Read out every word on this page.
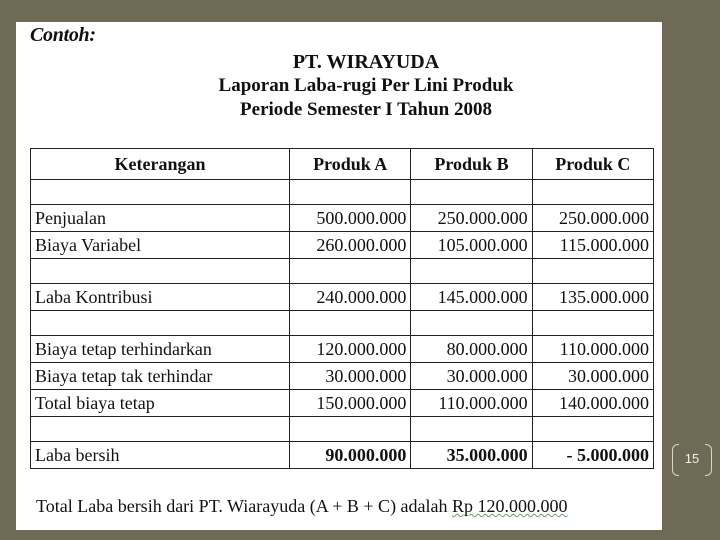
Contoh:
PT. WIRAYUDA
Laporan Laba-rugi Per Lini Produk
Periode Semester I Tahun 2008
Keterangan	Produk A	Produk B	Produk C

Penjualan	500.000.000	250.000.000	250.000.000
Biaya Variabel	260.000.000	105.000.000	115.000.000

Laba Kontribusi	240.000.000	145.000.000	135.000.000

Biaya tetap terhindarkan	120.000.000	80.000.000	110.000.000
Biaya tetap tak terhindar	30.000.000	30.000.000	30.000.000
Total biaya tetap	150.000.000	110.000.000	140.000.000

Laba bersih	90.000.000	35.000.000	- 5.000.000
Total Laba bersih dari PT. Wiarayuda (A + B + C) adalah Rp 120.000.000
15
